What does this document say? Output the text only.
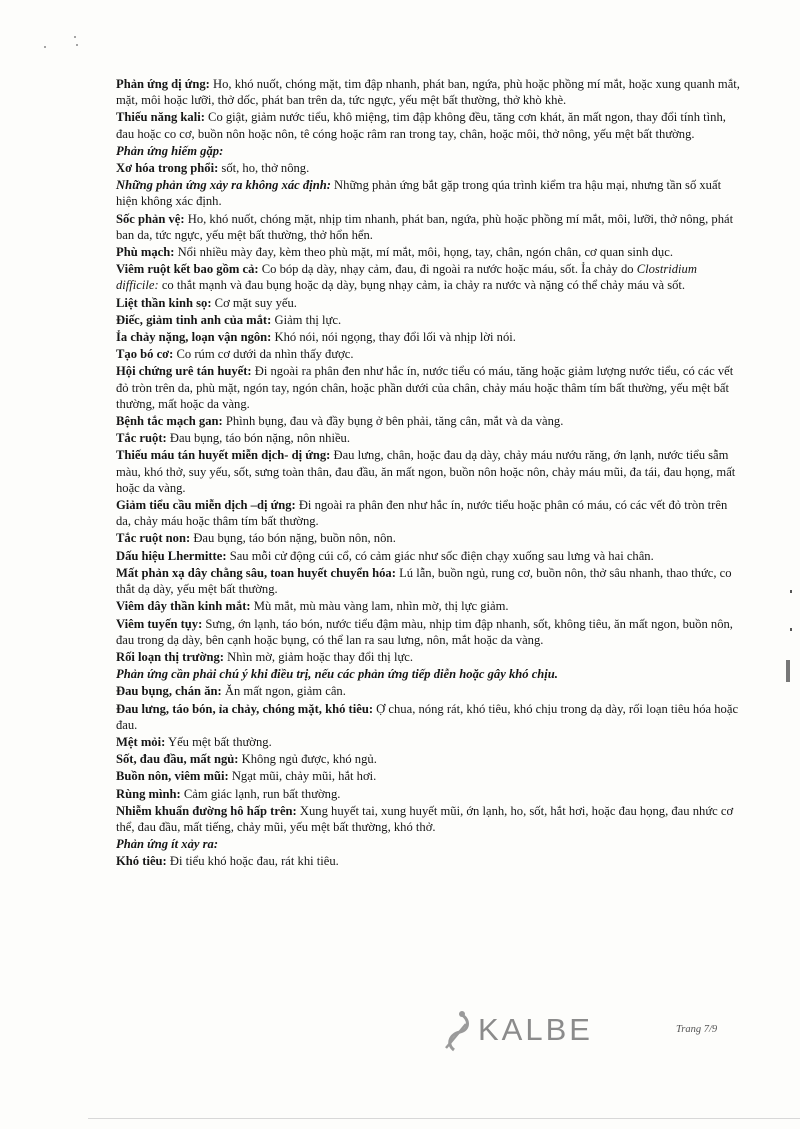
Phản ứng dị ứng: Ho, khó nuốt, chóng mặt, tim đập nhanh, phát ban, ngứa, phù hoặc phồng mí mắt, hoặc xung quanh mắt, mặt, môi hoặc lưỡi, thở dốc, phát ban trên da, tức ngực, yếu mệt bất thường, thở khò khè.

Thiếu năng kali: Co giật, giảm nước tiểu, khô miệng, tim đập không đều, tăng cơn khát, ăn mất ngon, thay đổi tính tình, đau hoặc co cơ, buồn nôn hoặc nôn, tê cóng hoặc râm ran trong tay, chân, hoặc môi, thở nông, yếu mệt bất thường.

Phản ứng hiếm gặp:

Xơ hóa trong phổi: sốt, ho, thở nông.

Những phản ứng xảy ra không xác định: Những phản ứng bắt gặp trong qúa trình kiểm tra hậu mại, nhưng tần số xuất hiện không xác định.

Sốc phản vệ: Ho, khó nuốt, chóng mặt, nhịp tim nhanh, phát ban, ngứa, phù hoặc phồng mí mắt, môi, lưỡi, thở nông, phát ban da, tức ngực, yếu mệt bất thường, thở hổn hển.

Phù mạch: Nổi nhiều mày đay, kèm theo phù mặt, mí mắt, môi, họng, tay, chân, ngón chân, cơ quan sinh dục.

Viêm ruột kết bao gồm cả: Co bóp dạ dày, nhạy cảm, đau, đi ngoài ra nước hoặc máu, sốt. Ỉa chảy do Clostridium difficile: co thắt mạnh và đau bụng hoặc dạ dày, bụng nhạy cảm, ỉa chảy ra nước và nặng có thể chảy máu và sốt.

Liệt thần kinh sọ: Cơ mặt suy yếu.

Điếc, giảm tinh anh của mắt: Giảm thị lực.

Ỉa chảy nặng, loạn vận ngôn: Khó nói, nói ngọng, thay đổi lối và nhịp lời nói.

Tạo bó cơ: Co rúm cơ dưới da nhìn thấy được.

Hội chứng urê tán huyết: Đi ngoài ra phân đen như hắc ín, nước tiểu có máu, tăng hoặc giảm lượng nước tiểu, có các vết đỏ tròn trên da, phù mặt, ngón tay, ngón chân, hoặc phần dưới của chân, chảy máu hoặc thâm tím bất thường, yếu mệt bất thường, mất hoặc da vàng.

Bệnh tắc mạch gan: Phình bụng, đau và đầy bụng ở bên phải, tăng cân, mắt và da vàng.

Tắc ruột: Đau bụng, táo bón nặng, nôn nhiều.

Thiếu máu tán huyết miễn dịch- dị ứng: Đau lưng, chân, hoặc đau dạ dày, chảy máu nướu răng, ớn lạnh, nước tiểu sẫm màu, khó thở, suy yếu, sốt, sưng toàn thân, đau đầu, ăn mất ngon, buồn nôn hoặc nôn, chảy máu mũi, đa tái, đau họng, mất hoặc da vàng.

Giảm tiểu cầu miễn dịch –dị ứng: Đi ngoài ra phân đen như hắc ín, nước tiểu hoặc phân có máu, có các vết đỏ tròn trên da, chảy máu hoặc thâm tím bất thường.

Tắc ruột non: Đau bụng, táo bón nặng, buồn nôn, nôn.

Dấu hiệu Lhermitte: Sau mỗi cử động cúi cổ, có cảm giác như sốc điện chạy xuống sau lưng và hai chân.

Mất phản xạ dây chằng sâu, toan huyết chuyển hóa: Lú lẫn, buồn ngủ, rung cơ, buồn nôn, thở sâu nhanh, thao thức, co thắt dạ dày, yếu mệt bất thường.

Viêm dây thần kinh mắt: Mù mắt, mù màu vàng lam, nhìn mờ, thị lực giảm.

Viêm tuyến tụy: Sưng, ớn lạnh, táo bón, nước tiểu đậm màu, nhịp tim đập nhanh, sốt, không tiêu, ăn mất ngon, buồn nôn, đau trong dạ dày, bên cạnh hoặc bụng, có thể lan ra sau lưng, nôn, mắt hoặc da vàng.

Rối loạn thị trường: Nhìn mờ, giảm hoặc thay đổi thị lực.

Phản ứng cần phải chú ý khi điều trị, nếu các phản ứng tiếp diễn hoặc gây khó chịu.

Đau bụng, chán ăn: Ăn mất ngon, giảm cân.

Đau lưng, táo bón, ỉa chảy, chóng mặt, khó tiêu: Ợ chua, nóng rát, khó tiêu, khó chịu trong dạ dày, rối loạn tiêu hóa hoặc đau.

Mệt mỏi: Yếu mệt bất thường.

Sốt, đau đầu, mất ngủ: Không ngủ được, khó ngủ.

Buồn nôn, viêm mũi: Ngạt mũi, chảy mũi, hắt hơi.

Rùng mình: Cảm giác lạnh, run bất thường.

Nhiễm khuẩn đường hô hấp trên: Xung huyết tai, xung huyết mũi, ớn lạnh, ho, sốt, hắt hơi, hoặc đau họng, đau nhức cơ thể, đau đầu, mất tiếng, chảy mũi, yếu mệt bất thường, khó thở.

Phản ứng ít xảy ra:

Khó tiêu: Đi tiểu khó hoặc đau, rát khi tiêu.

KALBE	Trang 7/9
